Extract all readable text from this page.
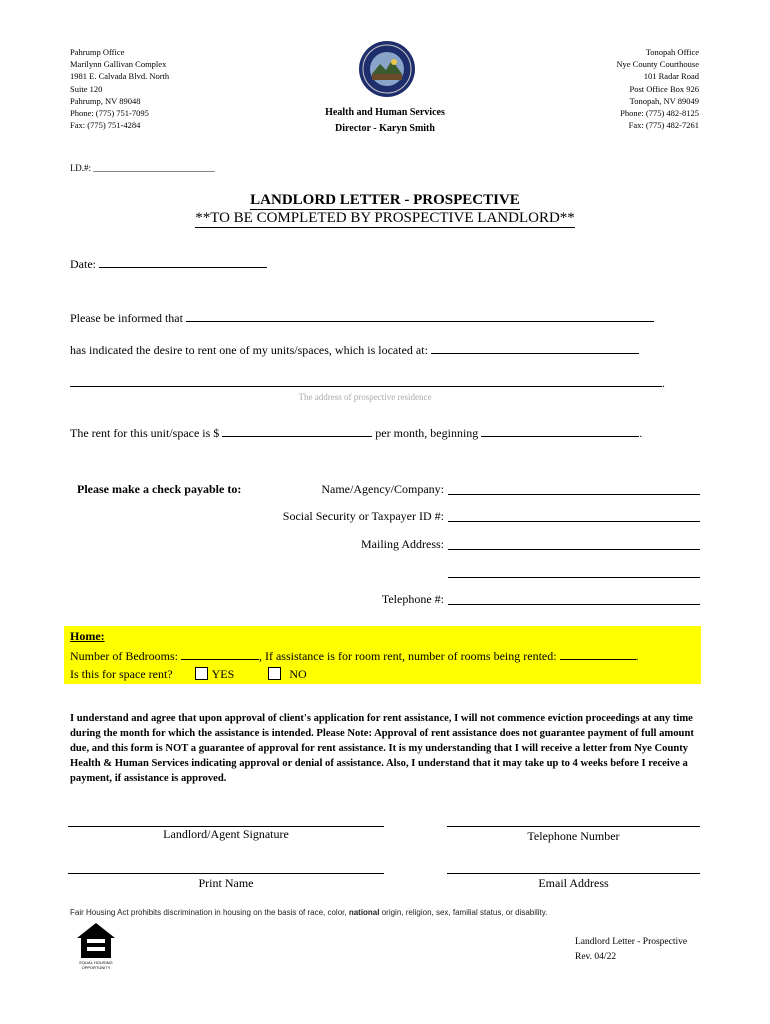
Pahrump Office
Marilynn Gallivan Complex
1981 E. Calvada Blvd. North
Suite 120
Pahrump, NV 89048
Phone: (775) 751-7095
Fax: (775) 751-4284
Tonopah Office
Nye County Courthouse
101 Radar Road
Post Office Box 926
Tonopah, NV 89049
Phone: (775) 482-8125
Fax: (775) 482-7261
Health and Human Services
Director - Karyn Smith
I.D.#: ___________________________
LANDLORD LETTER - PROSPECTIVE
**TO BE COMPLETED BY PROSPECTIVE LANDLORD**
Date:
Please be informed that
has indicated the desire to rent one of my units/spaces, which is located at:
.
The address of prospective residence
The rent for this unit/space is $	per month, beginning	.
Please make a check payable to:	Name/Agency/Company:
Social Security or Taxpayer ID #:
Mailing Address:
Telephone #:
Home:
Number of Bedrooms:	, If assistance is for room rent, number of rooms being rented:	.
Is this for space rent?	YES	NO
I understand and agree that upon approval of client's application for rent assistance, I will not commence eviction proceedings at any time during the month for which the assistance is intended. Please Note: Approval of rent assistance does not guarantee payment of full amount due, and this form is NOT a guarantee of approval for rent assistance. It is my understanding that I will receive a letter from Nye County Health & Human Services indicating approval or denial of assistance. Also, I understand that it may take up to 4 weeks before I receive a payment, if assistance is approved.
Landlord/Agent Signature	Telephone Number
Print Name	Email Address
Fair Housing Act prohibits discrimination in housing on the basis of race, color, national origin, religion, sex, familial status, or disability.
EQUAL HOUSING
OPPORTUNITY
Landlord Letter - Prospective
Rev. 04/22
